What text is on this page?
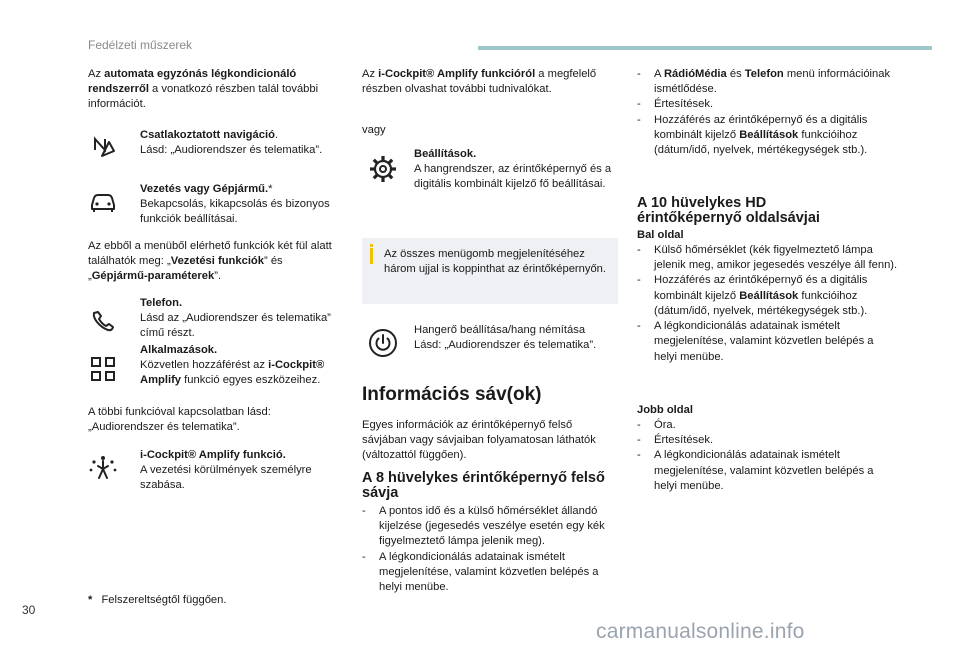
Fedélzeti műszerek

Az automata egyzónás légkondicionáló rendszerről a vonatkozó részben talál további információt.

Csatlakoztatott navigáció.
Lásd: „Audiorendszer és telematika”.
Vezetés vagy Gépjármű.*
Bekapcsolás, kikapcsolás és bizonyos funkciók beállításai.

Az ebből a menüből elérhető funkciók két fül alatt találhatók meg: „Vezetési funkciók” és „Gépjármű-paraméterek”.

Telefon.
Lásd az „Audiorendszer és telematika” című részt.
Alkalmazások.
Közvetlen hozzáférést az i-Cockpit® Amplify funkció egyes eszközeihez.

A többi funkcióval kapcsolatban lásd: „Audiorendszer és telematika”.

i-Cockpit® Amplify funkció.
A vezetési körülmények személyre szabása.
* Felszereltségtől függően.

Az i-Cockpit® Amplify funkcióról a megfelelő részben olvashat további tudnivalókat.

vagy
Beállítások.
A hangrendszer, az érintőképernyő és a digitális kombinált kijelző fő beállításai.
Az összes menügomb megjelenítéséhez három ujjal is koppinthat az érintőképernyőn.
Hangerő beállítása/hang némítása
Lásd: „Audiorendszer és telematika”.
Információs sáv(ok)

Egyes információk az érintőképernyő felső sávjában vagy sávjaiban folyamatosan láthatók (változattól függően).

A 8 hüvelykes érintőképernyő felső sávja
- A pontos idő és a külső hőmérséklet állandó kijelzése (jegesedés veszélye esetén egy kék figyelmeztető lámpa jelenik meg).
- A légkondicionálás adatainak ismételt megjelenítése, valamint közvetlen belépés a helyi menübe.
- A RádióMédia és Telefon menü információinak ismétlődése.
- Értesítések.
- Hozzáférés az érintőképernyő és a digitális kombinált kijelző Beállítások funkcióihoz (dátum/idő, nyelvek, mértékegységek stb.).
A 10 hüvelykes HD érintőképernyő oldalsávjai
Bal oldal
- Külső hőmérséklet (kék figyelmeztető lámpa jelenik meg, amikor jegesedés veszélye áll fenn).
- Hozzáférés az érintőképernyő és a digitális kombinált kijelző Beállítások funkcióihoz (dátum/idő, nyelvek, mértékegységek stb.).
- A légkondicionálás adatainak ismételt megjelenítése, valamint közvetlen belépés a helyi menübe.
Jobb oldal
- Óra.
- Értesítések.
- A légkondicionálás adatainak ismételt megjelenítése, valamint közvetlen belépés a helyi menübe.
30
carmanualsonline.info
